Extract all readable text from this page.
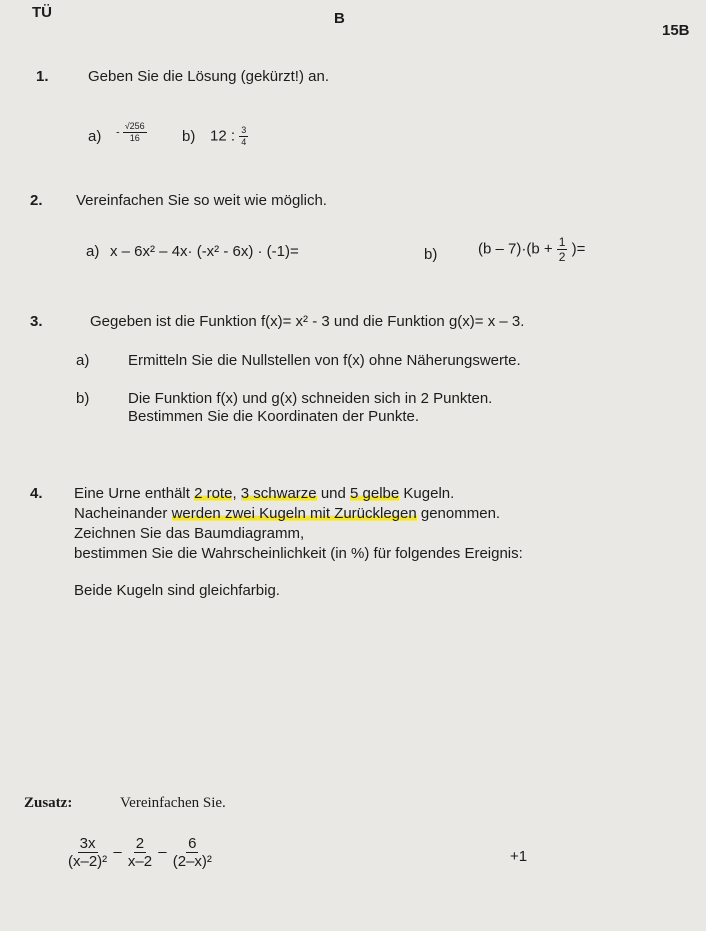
TÜ	B
15B
1.	Geben Sie die Lösung (gekürzt!) an.
$a) - \frac{√256}{16} b$) 12 : $\frac{3}{4}$
2. Vereinfachen Sie so weit wie möglich.
a) x – 6x² – 4x· (-x² - 6x) · (-1)=	b)	$(b - 7)\cdot(b + \frac{1}{2}$ )=
3.	Gegeben ist die Funktion f(x)= x² - 3 und die Funktion g(x)= x – 3.
a)	Ermitteln Sie die Nullstellen von f(x) ohne Näherungswerte.
b)	Die Funktion f(x) und g(x) schneiden sich in 2 Punkten.
Bestimmen Sie die Koordinaten der Punkte.
4. Eine Urne enthält 2 rote, 3 schwarze und 5 gelbe Kugeln.
Nacheinander werden zwei Kugeln mit Zurücklegen genommen.
Zeichnen Sie das Baumdiagramm,
bestimmen Sie die Wahrscheinlichkeit (in %) für folgendes Ereignis:
Beide Kugeln sind gleichfarbig.
Zusatz:	Vereinfachen Sie.
$\frac{3x}{\text{(x–2)²}} - \frac{2}{x-2} - \frac{6}{\text{(2–x)²}}$	+1
